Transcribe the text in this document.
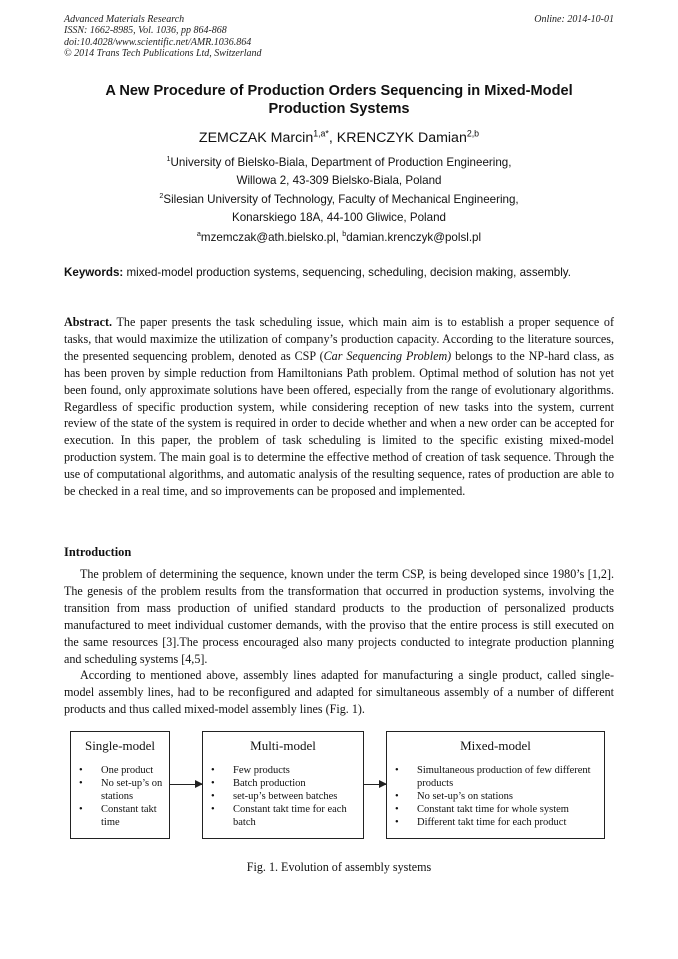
Advanced Materials Research
ISSN: 1662-8985, Vol. 1036, pp 864-868
doi:10.4028/www.scientific.net/AMR.1036.864
© 2014 Trans Tech Publications Ltd, Switzerland
Online: 2014-10-01
A New Procedure of Production Orders Sequencing in Mixed-Model
Production Systems
ZEMCZAK Marcin$^{1,a*}$, KRENCZYK Damian$^{2,b}$
$^1$University of Bielsko-Biala, Department of Production Engineering,
Willowa 2, 43-309 Bielsko-Biala, Poland
$^2$Silesian University of Technology, Faculty of Mechanical Engineering,
Konarskiego 18A, 44-100 Gliwice, Poland
$^a$mzemczak@ath.bielsko.pl, $^b$damian.krenczyk@polsl.pl
Keywords: mixed-model production systems, sequencing, scheduling, decision making, assembly.
Abstract. The paper presents the task scheduling issue, which main aim is to establish a proper sequence of tasks, that would maximize the utilization of company’s production capacity. According to the literature sources, the presented sequencing problem, denoted as CSP (Car Sequencing Problem) belongs to the NP-hard class, as has been proven by simple reduction from Hamiltonians Path problem. Optimal method of solution has not yet been found, only approximate solutions have been offered, especially from the range of evolutionary algorithms. Regardless of specific production system, while considering reception of new tasks into the system, current review of the state of the system is required in order to decide whether and when a new order can be accepted for execution. In this paper, the problem of task scheduling is limited to the specific existing mixed-model production system. The main goal is to determine the effective method of creation of task sequence. Through the use of computational algorithms, and automatic analysis of the resulting sequence, rates of production are able to be checked in a real time, and so improvements can be proposed and implemented.
Introduction

The problem of determining the sequence, known under the term CSP, is being developed since 1980’s [1,2]. The genesis of the problem results from the transformation that occurred in production systems, involving the transition from mass production of unified standard products to the production of personalized products manufactured to meet individual customer demands, with the proviso that the entire process is still executed on the same resources [3].The process encouraged also many projects conducted to integrate production planning and scheduling systems [4,5].

According to mentioned above, assembly lines adapted for manufacturing a single product, called single-model assembly lines, had to be reconfigured and adapted for simultaneous assembly of a number of different products and thus called mixed-model assembly lines (Fig. 1).

Single-model
• One product
• No set-up’s on stations
• Constant takt time
Multi-model
• Few products
• Batch production
• set-up’s between batches
• Constant takt time for each batch
Mixed-model
• Simultaneous production of few different products
• No set-up’s on stations
• Constant takt time for whole system
• Different takt time for each product
Fig. 1. Evolution of assembly systems
